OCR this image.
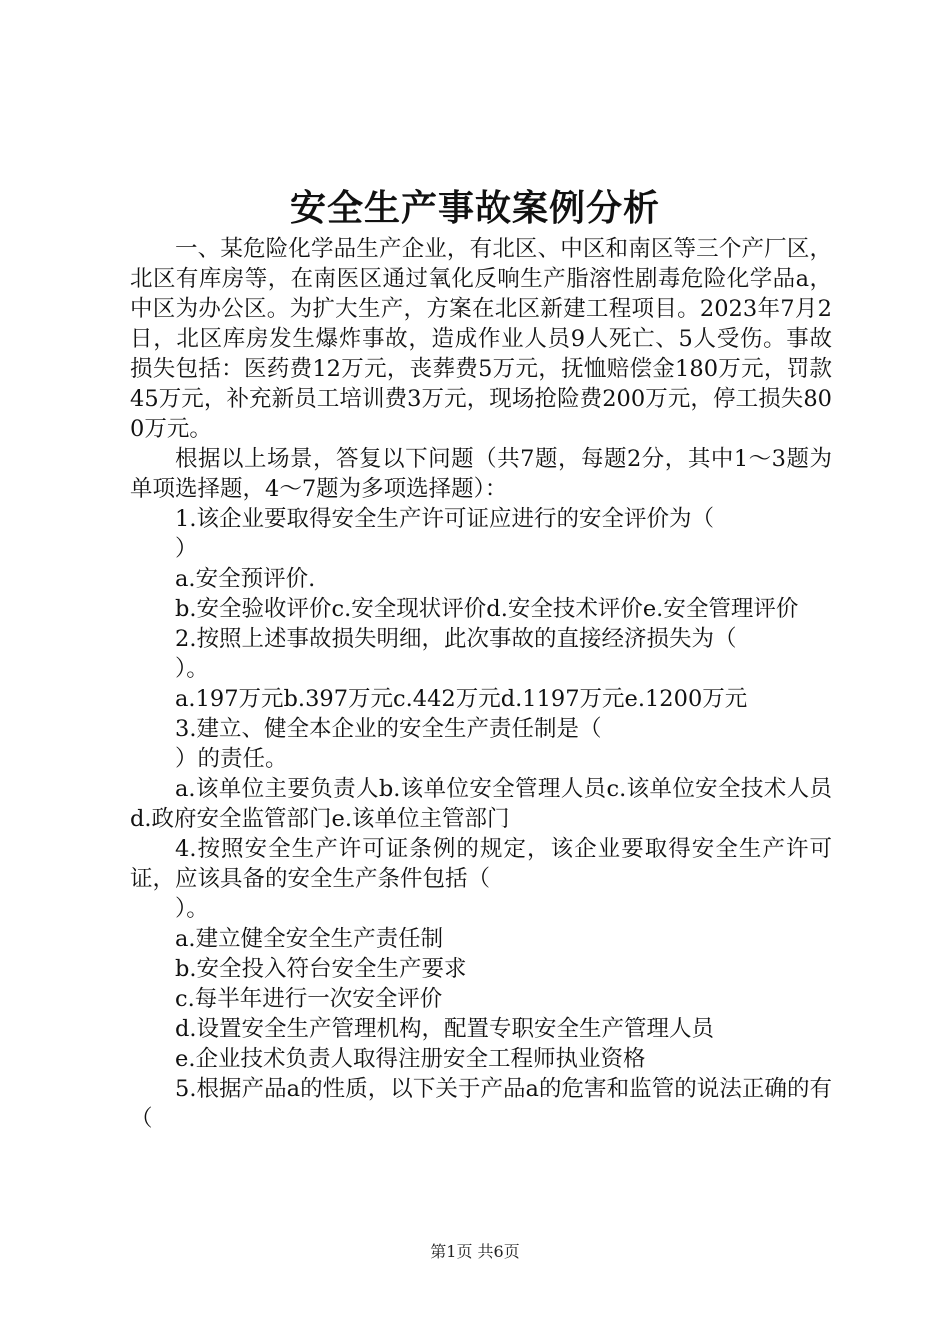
安全生产事故案例分析

一、某危险化学品生产企业，有北区、中区和南区等三个产厂区，北区有库房等，在南医区通过氧化反响生产脂溶性剧毒危险化学品a，中区为办公区。为扩大生产，方案在北区新建工程项目。2023年7月2日，北区库房发生爆炸事故，造成作业人员9人死亡、5人受伤。事故损失包括：医药费12万元，丧葬费5万元，抚恤赔偿金180万元，罚款45万元，补充新员工培训费3万元，现场抢险费200万元，停工损失800万元。

根据以上场景，答复以下问题（共7题，每题2分，其中1～3题为单项选择题，4～7题为多项选择题）：

1.该企业要取得安全生产许可证应进行的安全评价为（

）

a.安全预评价.

b.安全验收评价c.安全现状评价d.安全技术评价e.安全管理评价

2.按照上述事故损失明细，此次事故的直接经济损失为（

）。

a.197万元b.397万元c.442万元d.1197万元e.1200万元

3.建立、健全本企业的安全生产责任制是（

）的责任。

a.该单位主要负责人b.该单位安全管理人员c.该单位安全技术人员d.政府安全监管部门e.该单位主管部门

4.按照安全生产许可证条例的规定，该企业要取得安全生产许可证，应该具备的安全生产条件包括（

）。

a.建立健全安全生产责任制

b.安全投入符台安全生产要求

c.每半年进行一次安全评价

d.设置安全生产管理机构，配置专职安全生产管理人员

e.企业技术负责人取得注册安全工程师执业资格

5.根据产品a的性质，以下关于产品a的危害和监管的说法正确的有（

第1页 共6页
